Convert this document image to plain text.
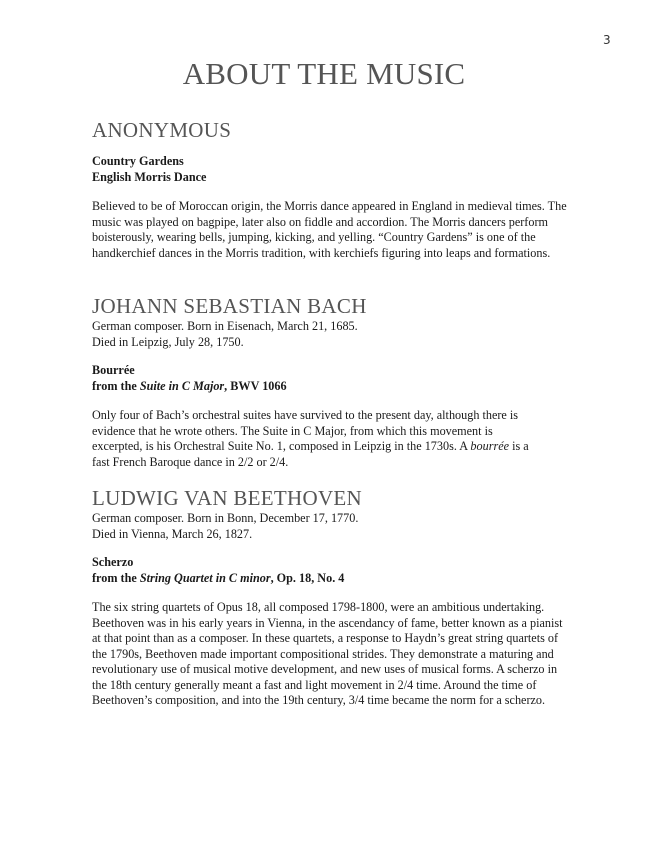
3
ABOUT THE MUSIC
ANONYMOUS

Country Gardens

English Morris Dance

Believed to be of Moroccan origin, the Morris dance appeared in England in medieval times. The music was played on bagpipe, later also on fiddle and accordion. The Morris dancers perform boisterously, wearing bells, jumping, kicking, and yelling. “Country Gardens” is one of the handkerchief dances in the Morris tradition, with kerchiefs figuring into leaps and formations.

JOHANN SEBASTIAN BACH

German composer. Born in Eisenach, March 21, 1685.

Died in Leipzig, July 28, 1750.

Bourrée

from the Suite in C Major, BWV 1066

Only four of Bach’s orchestral suites have survived to the present day, although there is evidence that he wrote others. The Suite in C Major, from which this movement is excerpted, is his Orchestral Suite No. 1, composed in Leipzig in the 1730s. A bourrée is a fast French Baroque dance in 2/2 or 2/4.

LUDWIG VAN BEETHOVEN

German composer. Born in Bonn, December 17, 1770.

Died in Vienna, March 26, 1827.

Scherzo

from the String Quartet in C minor, Op. 18, No. 4

The six string quartets of Opus 18, all composed 1798-1800, were an ambitious undertaking. Beethoven was in his early years in Vienna, in the ascendancy of fame, better known as a pianist at that point than as a composer. In these quartets, a response to Haydn’s great string quartets of the 1790s, Beethoven made important compositional strides. They demonstrate a maturing and revolutionary use of musical motive development, and new uses of musical forms. A scherzo in the 18th century generally meant a fast and light movement in 2/4 time. Around the time of Beethoven’s composition, and into the 19th century, 3/4 time became the norm for a scherzo.
